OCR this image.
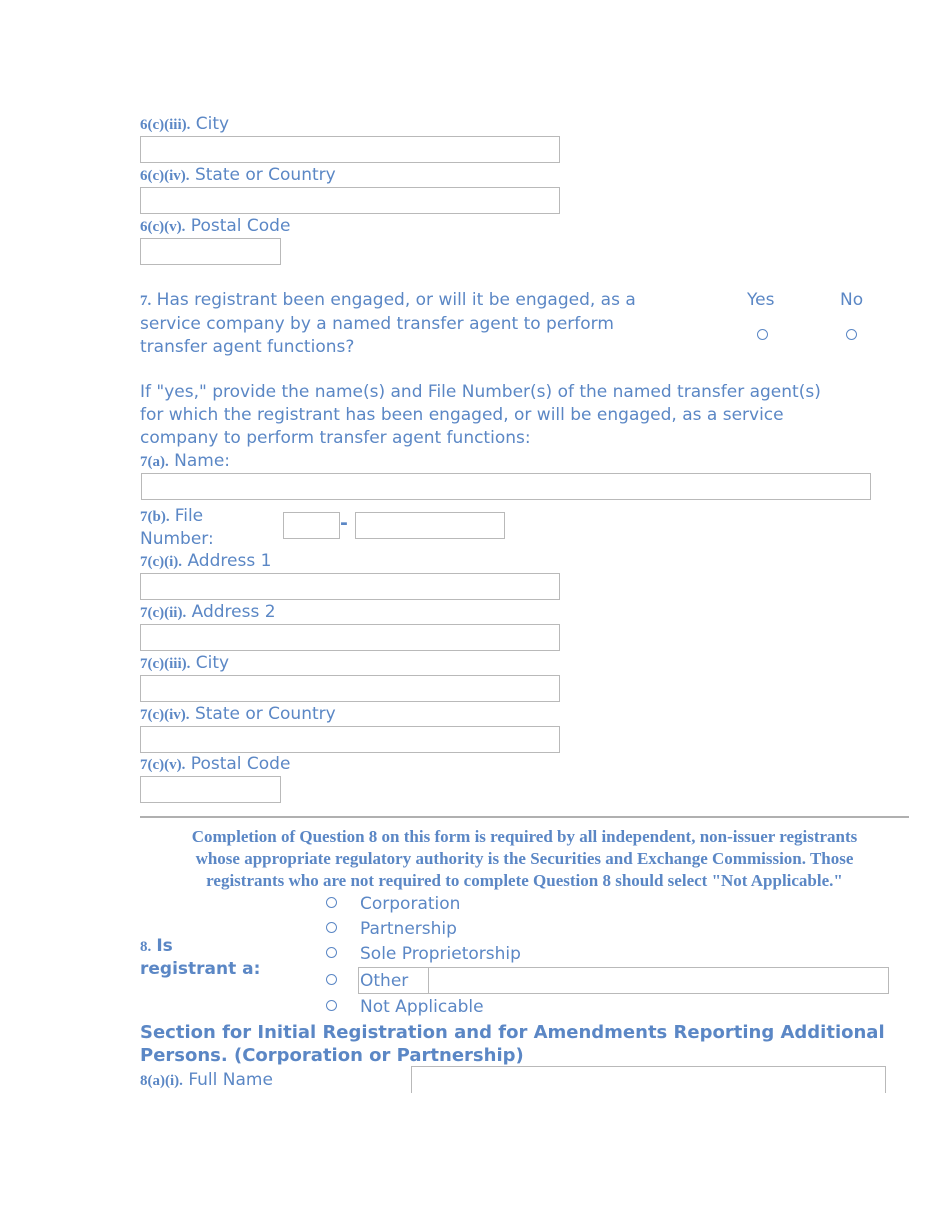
6(c)(iii). City
6(c)(iv). State or Country
6(c)(v). Postal Code
7. Has registrant been engaged, or will it be engaged, as a
service company by a named transfer agent to perform
transfer agent functions?
Yes	No
If "yes," provide the name(s) and File Number(s) of the named transfer agent(s)
for which the registrant has been engaged, or will be engaged, as a service
company to perform transfer agent functions:
7(a). Name:
7(b). File
Number:
-
7(c)(i). Address 1
7(c)(ii). Address 2
7(c)(iii). City
7(c)(iv). State or Country
7(c)(v). Postal Code
Completion of Question 8 on this form is required by all independent, non-issuer registrants
whose appropriate regulatory authority is the Securities and Exchange Commission. Those
registrants who are not required to complete Question 8 should select "Not Applicable."
8. Is
registrant a:
Corporation
Partnership
Sole Proprietorship
Other
Not Applicable
Section for Initial Registration and for Amendments Reporting Additional
Persons. (Corporation or Partnership)
8(a)(i). Full Name
